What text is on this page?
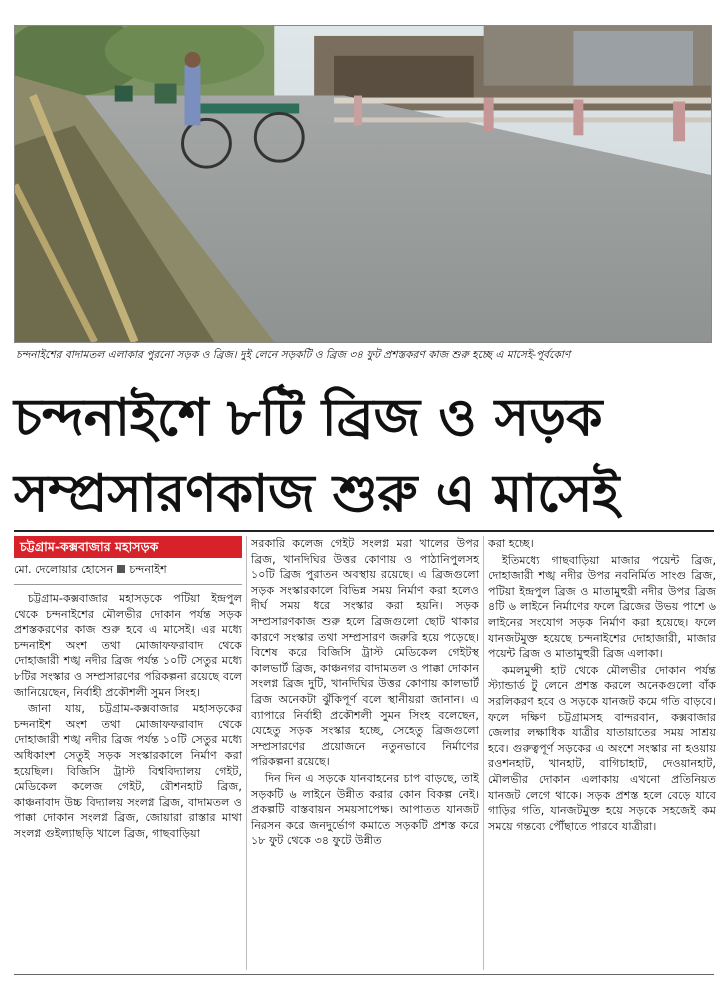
চন্দনাইশের বাদামতল এলাকার পুরনো সড়ক ও ব্রিজ। দুই লেনে সড়কটি ও ব্রিজ ৩৪ ফুট প্রশস্তকরণ কাজ শুরু হচ্ছে এ মাসেই-পূর্বকোণ
চন্দনাইশে ৮টি ব্রিজ ও সড়ক
সম্প্রসারণকাজ শুরু এ মাসেই
চট্টগ্রাম-কক্সবাজার মহাসড়ক
মো. দেলোয়ার হোসেন চন্দনাইশ

চট্টগ্রাম-কক্সবাজার মহাসড়কে পটিয়া ইন্দ্রপুল থেকে চন্দনাইশের মৌলভীর দোকান পর্যন্ত সড়ক প্রশস্তকরণের কাজ শুরু হবে এ মাসেই। এর মধ্যে চন্দনাইশ অংশ তথা মোজাফফরাবাদ থেকে দোহাজারী শঙ্খ নদীর ব্রিজ পর্যন্ত ১০টি সেতুর মধ্যে ৮টির সংস্কার ও সম্প্রসারণের পরিকল্পনা রয়েছে বলে জানিয়েছেন, নির্বাহী প্রকৌশলী সুমন সিংহ।

জানা যায়, চট্টগ্রাম-কক্সবাজার মহাসড়কের চন্দনাইশ অংশ তথা মোজাফফরাবাদ থেকে দোহাজারী শঙ্খ নদীর ব্রিজ পর্যন্ত ১০টি সেতুর মধ্যে অধিকাংশ সেতুই সড়ক সংস্কারকালে নির্মাণ করা হয়েছিল। বিজিসি ট্রাস্ট বিশ্ববিদ্যালয় গেইট, মেডিকেল কলেজ গেইট, রৌশনহাট ব্রিজ, কাঞ্চনাবাদ উচ্চ বিদ্যালয় সংলগ্ন ব্রিজ, বাদামতল ও পাক্কা দোকান সংলগ্ন ব্রিজ, জোয়ারা রাস্তার মাথা সংলগ্ন গুইল্যাছড়ি খালে ব্রিজ, গাছবাড়িয়া

সরকারি কলেজ গেইট সংলগ্ন মরা খালের উপর ব্রিজ, খানদিঘির উত্তর কোণায় ও পাঠানিপুলসহ ১০টি ব্রিজ পুরাতন অবস্থায় রয়েছে। এ ব্রিজগুলো সড়ক সংস্কারকালে বিভিন্ন সময় নির্মাণ করা হলেও দীর্ঘ সময় ধরে সংস্কার করা হয়নি। সড়ক সম্প্রসারণকাজ শুরু হলে ব্রিজগুলো ছোট থাকার কারণে সংস্কার তথা সম্প্রসারণ জরুরি হয়ে পড়েছে। বিশেষ করে বিজিসি ট্রাস্ট মেডিকেল গেইটস্থ কালভার্ট ব্রিজ, কাঞ্চনগর বাদামতল ও পাক্কা দোকান সংলগ্ন ব্রিজ দুটি, খানদিঘির উত্তর কোণায় কালভার্ট ব্রিজ অনেকটা ঝুঁকিপূর্ণ বলে স্থানীয়রা জানান। এ ব্যাপারে নির্বাহী প্রকৌশলী সুমন সিংহ বলেছেন, যেহেতু সড়ক সংস্কার হচ্ছে, সেহেতু ব্রিজগুলো সম্প্রসারণের প্রয়োজনে নতুনভাবে নির্মাণের পরিকল্পনা রয়েছে।

দিন দিন এ সড়কে যানবাহনের চাপ বাড়ছে, তাই সড়কটি ৬ লাইনে উন্নীত করার কোন বিকল্প নেই। প্রকল্পটি বাস্তবায়ন সময়সাপেক্ষ। আপাতত যানজট নিরসন করে জনদুর্ভোগ কমাতে সড়কটি প্রশস্ত করে ১৮ ফুট থেকে ৩৪ ফুটে উন্নীত

করা হচ্ছে।

ইতিমধ্যে গাছবাড়িয়া মাজার পয়েন্ট ব্রিজ, দোহাজারী শঙ্খ নদীর উপর নবনির্মিত সাংগু ব্রিজ, পটিয়া ইন্দ্রপুল ব্রিজ ও মাতামুহুরী নদীর উপর ব্রিজ ৪টি ৬ লাইনে নির্মাণের ফলে ব্রিজের উভয় পাশে ৬ লাইনের সংযোগ সড়ক নির্মাণ করা হয়েছে। ফলে যানজটমুক্ত হয়েছে চন্দনাইশের দোহাজারী, মাজার পয়েন্ট ব্রিজ ও মাতামুহুরী ব্রিজ এলাকা।

কমলমুন্সী হাট থেকে মৌলভীর দোকান পর্যন্ত স্ট্যান্ডার্ড টু লেনে প্রশস্ত করলে অনেকগুলো বাঁক সরলিকরণ হবে ও সড়কে যানজট কমে গতি বাড়বে। ফলে দক্ষিণ চট্টগ্রামসহ বান্দরবান, কক্সবাজার জেলার লক্ষাধিক যাত্রীর যাতায়াতের সময় সাশ্রয় হবে। গুরুত্বপূর্ণ সড়কের এ অংশে সংস্কার না হওয়ায় রওশনহাট, খানহাট, বাগিচাহাট, দেওয়ানহাট, মৌলভীর দোকান এলাকায় এখনো প্রতিনিয়ত যানজট লেগে থাকে। সড়ক প্রশস্ত হলে বেড়ে যাবে গাড়ির গতি, যানজটমুক্ত হয়ে সড়কে সহজেই কম সময়ে গন্তব্যে পৌঁছাতে পারবে যাত্রীরা।
